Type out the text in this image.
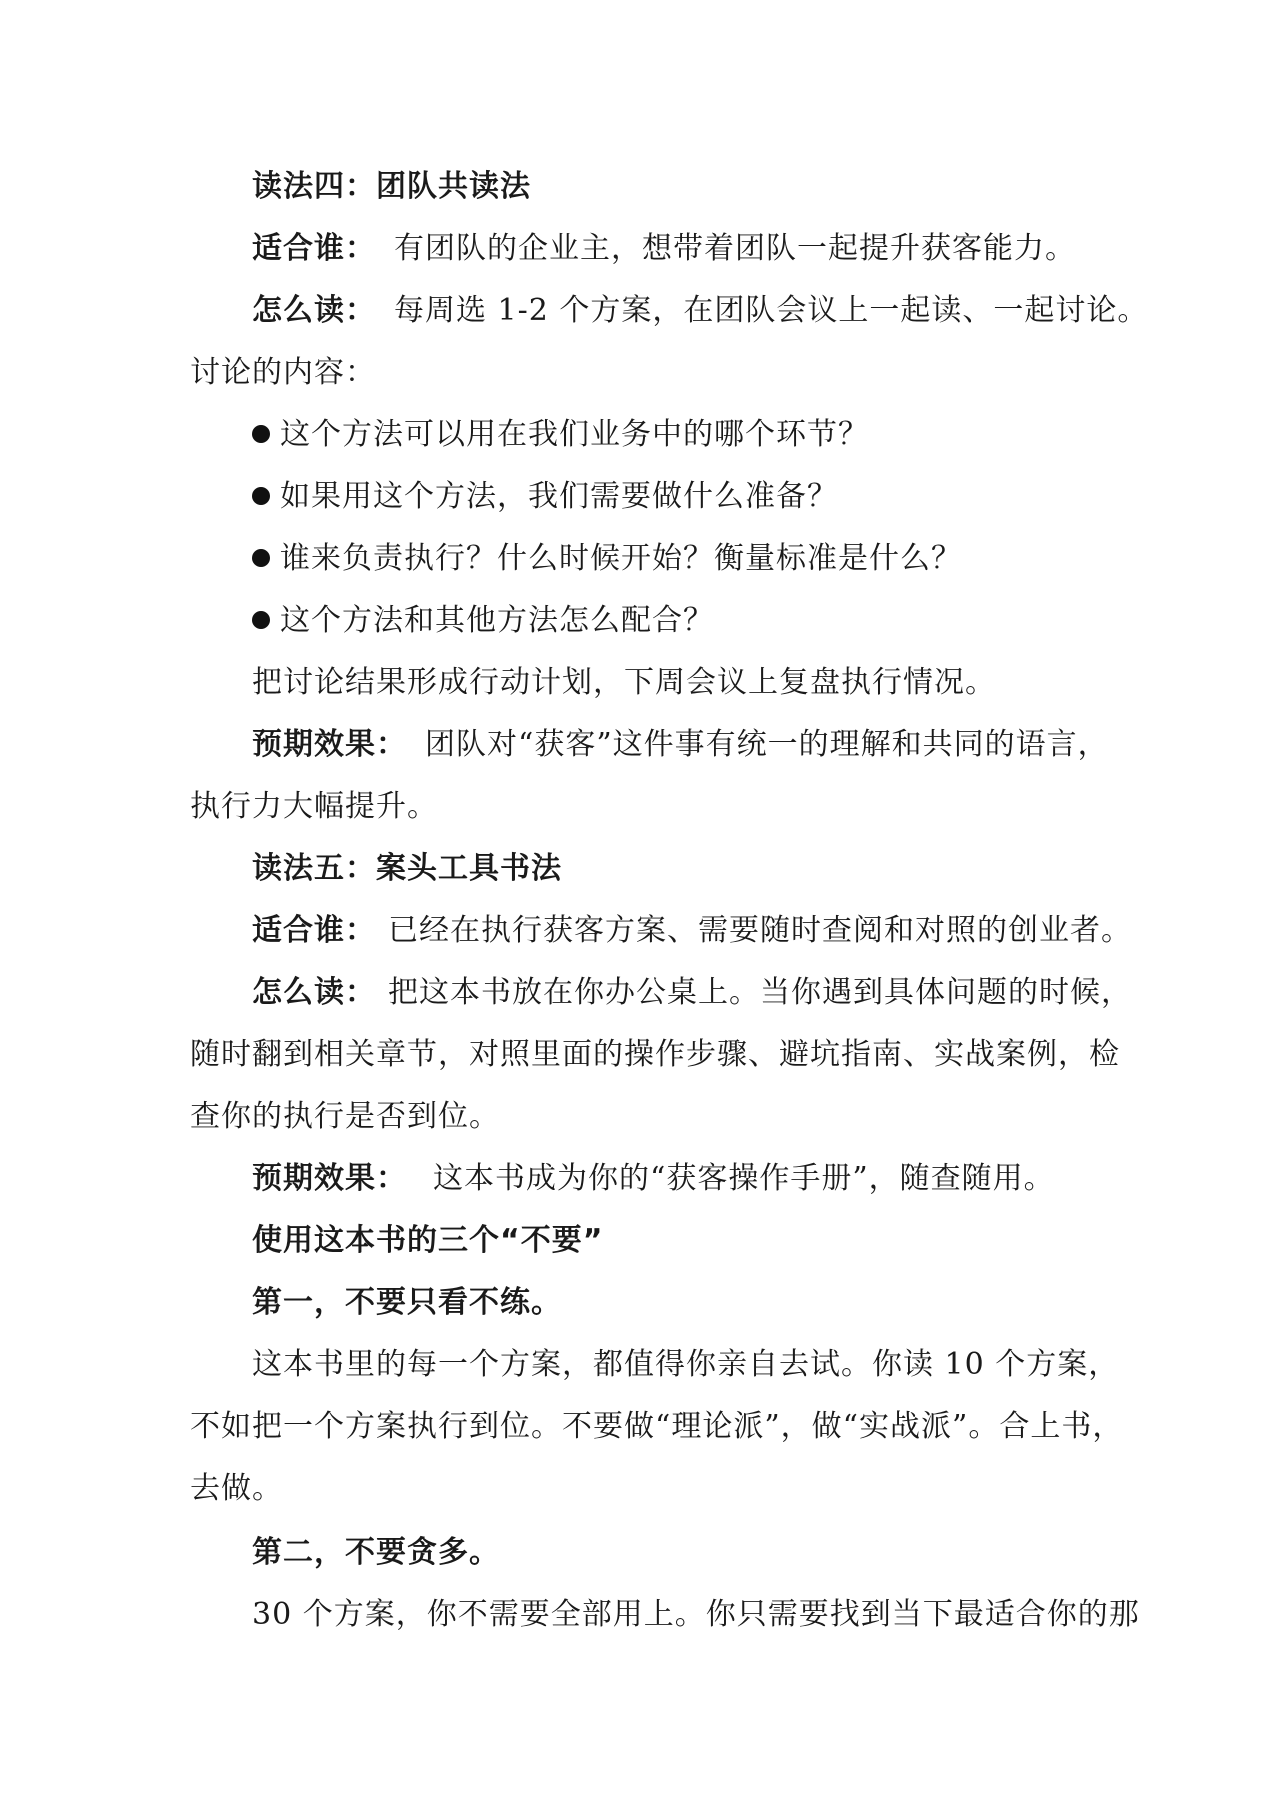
读法四：团队共读法
适合谁： 有团队的企业主，想带着团队一起提升获客能力。
怎么读： 每周选 1-2 个方案，在团队会议上一起读、一起讨论。
讨论的内容：
这个方法可以用在我们业务中的哪个环节？
如果用这个方法，我们需要做什么准备？
谁来负责执行？什么时候开始？衡量标准是什么？
这个方法和其他方法怎么配合？
把讨论结果形成行动计划，下周会议上复盘执行情况。
预期效果： 团队对“获客”这件事有统一的理解和共同的语言，
执行力大幅提升。
读法五：案头工具书法
适合谁： 已经在执行获客方案、需要随时查阅和对照的创业者。
怎么读： 把这本书放在你办公桌上。当你遇到具体问题的时候，
随时翻到相关章节，对照里面的操作步骤、避坑指南、实战案例，检
查你的执行是否到位。
预期效果： 这本书成为你的“获客操作手册”，随查随用。
使用这本书的三个“不要”
第一，不要只看不练。
这本书里的每一个方案，都值得你亲自去试。你读 10 个方案，
不如把一个方案执行到位。不要做“理论派”，做“实战派”。合上书，
去做。
第二，不要贪多。
30 个方案，你不需要全部用上。你只需要找到当下最适合你的那
